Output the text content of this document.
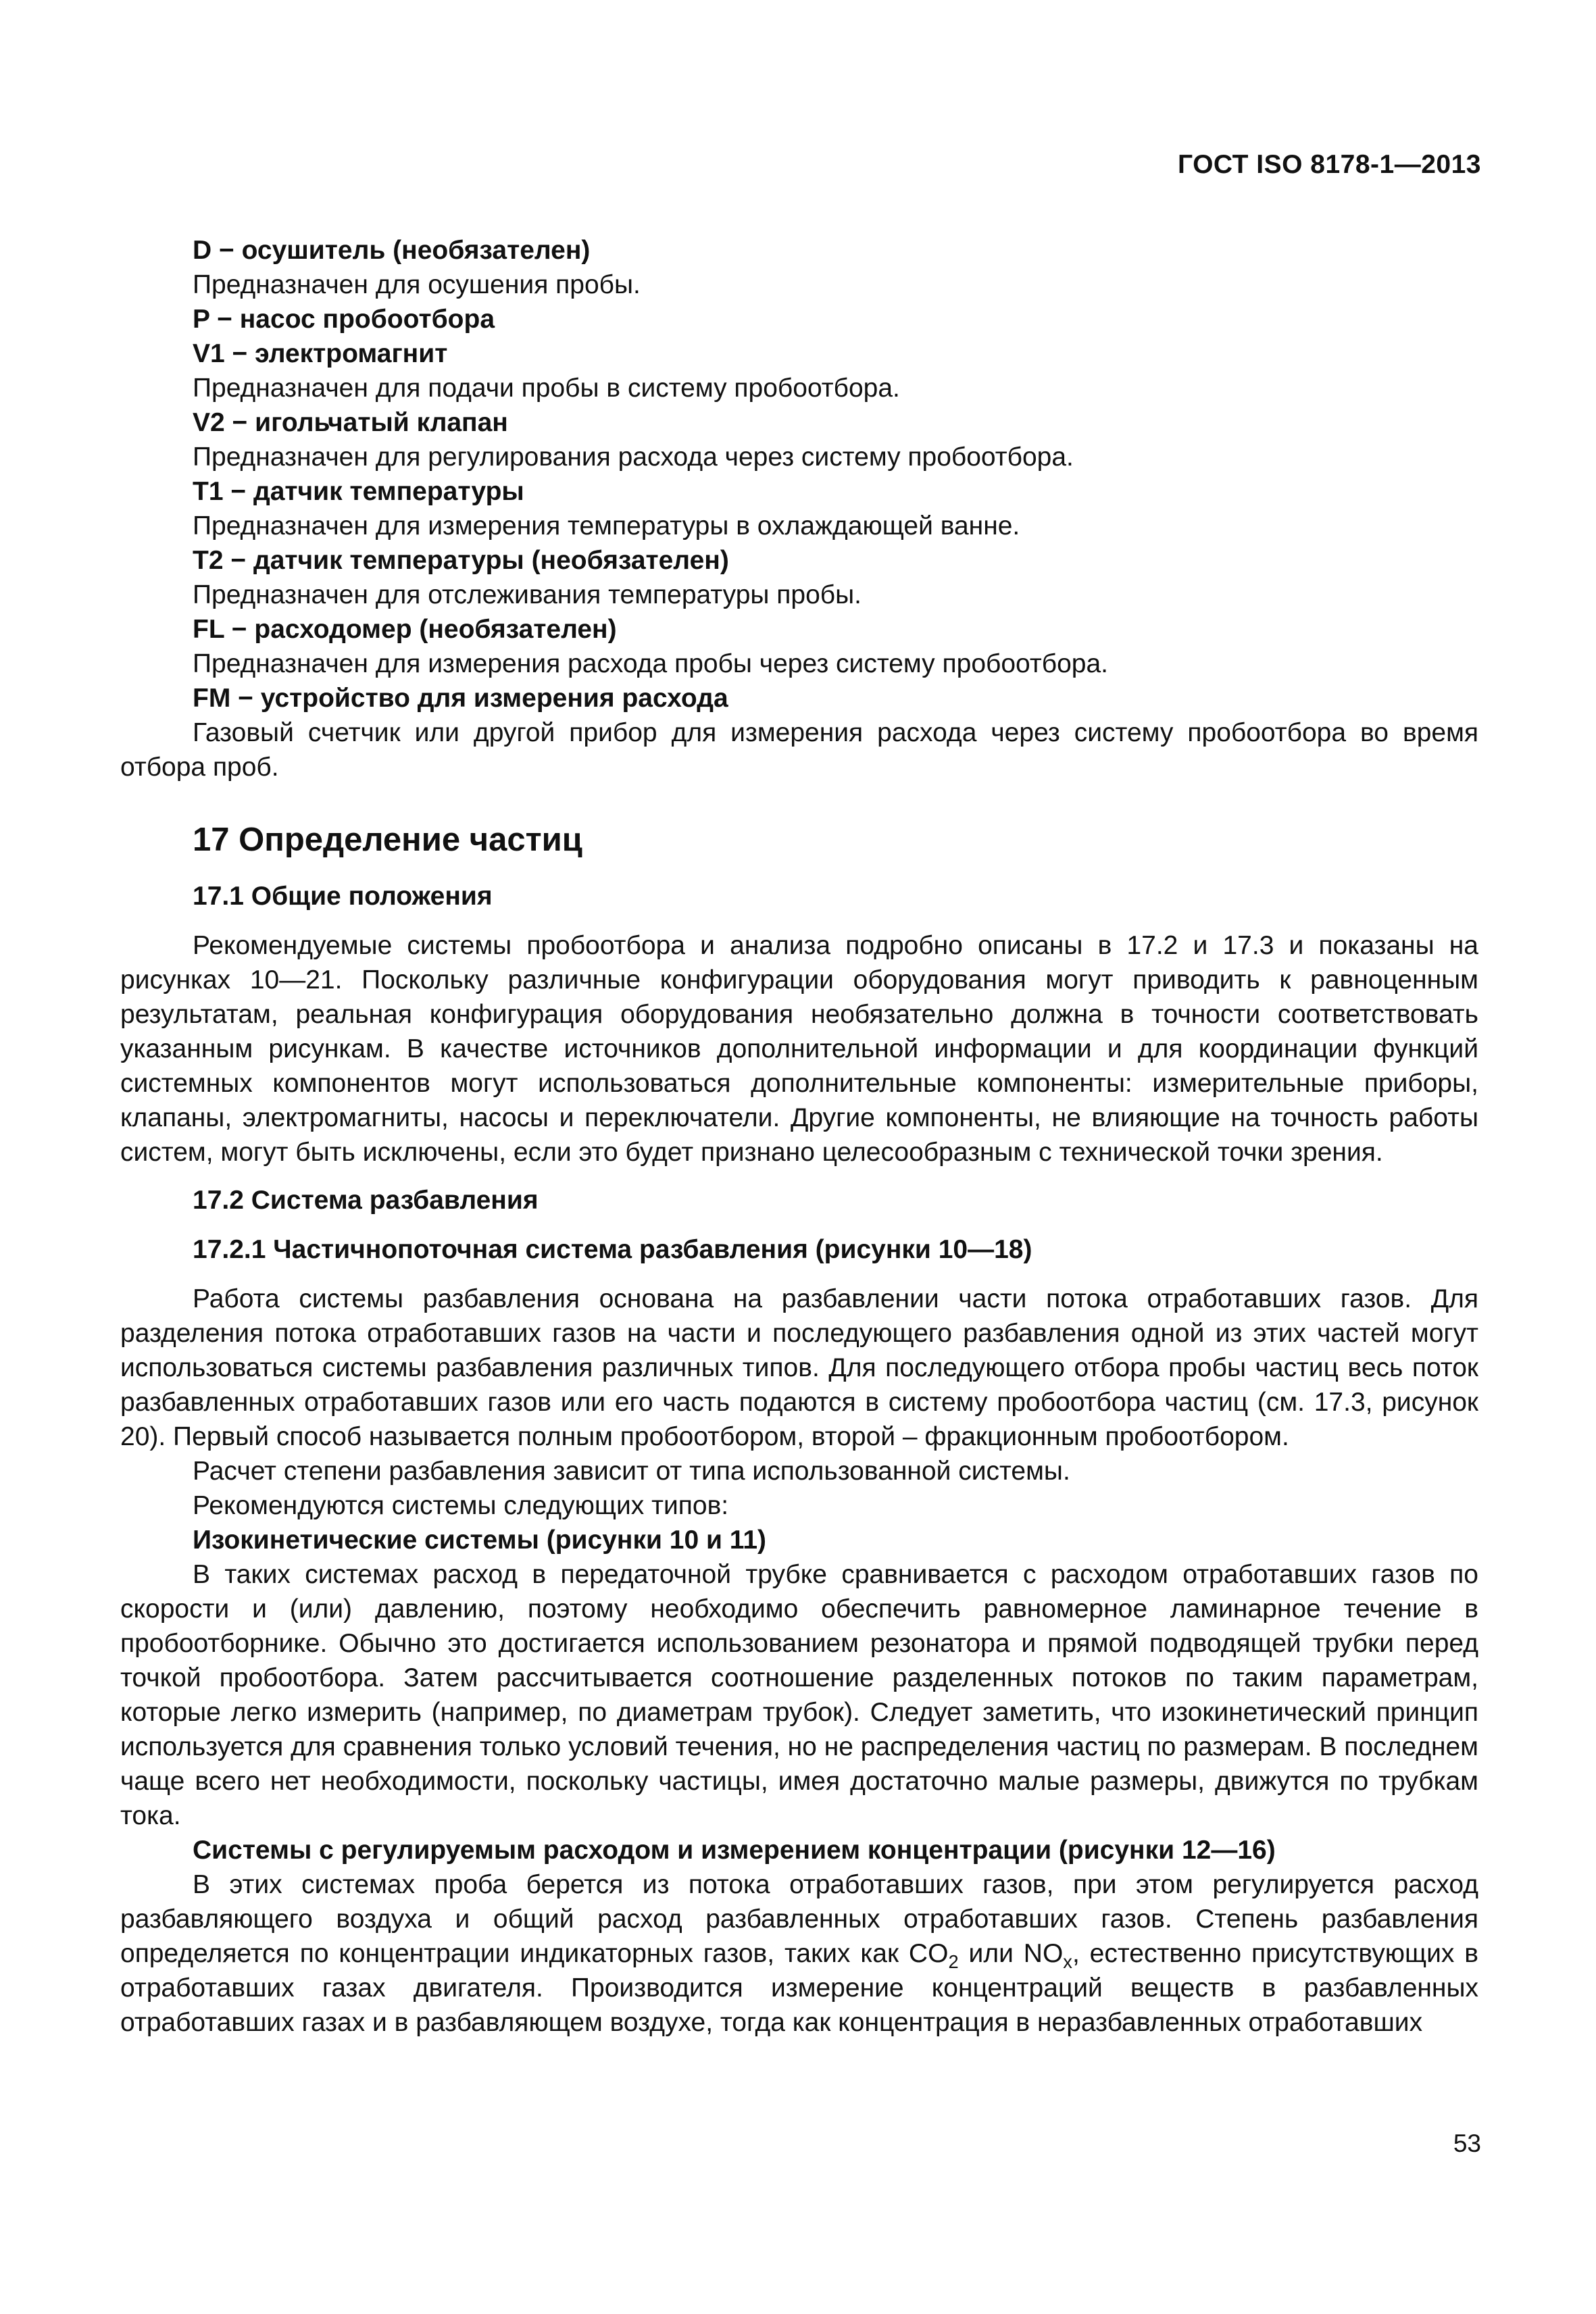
ГОСТ ISO 8178-1—2013
D − осушитель (необязателен)
Предназначен для осушения пробы.
P − насос пробоотбора
V1 − электромагнит
Предназначен для подачи пробы в систему пробоотбора.
V2 − игольчатый клапан
Предназначен для регулирования расхода через систему пробоотбора.
T1 − датчик температуры
Предназначен для измерения температуры в охлаждающей ванне.
T2 − датчик температуры (необязателен)
Предназначен для отслеживания температуры пробы.
FL − расходомер (необязателен)
Предназначен для измерения расхода пробы через систему пробоотбора.
FM − устройство для измерения расхода
Газовый счетчик или другой прибор для измерения расхода через систему пробоотбора во время отбора проб.
17 Определение частиц
17.1 Общие положения
Рекомендуемые системы пробоотбора и анализа подробно описаны в 17.2 и 17.3 и показаны на рисунках 10—21. Поскольку различные конфигурации оборудования могут приводить к равноценным результатам, реальная конфигурация оборудования необязательно должна в точности соответствовать указанным рисункам. В качестве источников дополнительной информации и для координации функций системных компонентов могут использоваться дополнительные компоненты: измерительные приборы, клапаны, электромагниты, насосы и переключатели. Другие компоненты, не влияющие на точность работы систем, могут быть исключены, если это будет признано целесообразным с технической точки зрения.
17.2 Система разбавления
17.2.1 Частичнопоточная система разбавления (рисунки 10—18)
Работа системы разбавления основана на разбавлении части потока отработавших газов. Для разделения потока отработавших газов на части и последующего разбавления одной из этих частей могут использоваться системы разбавления различных типов. Для последующего отбора пробы частиц весь поток разбавленных отработавших газов или его часть подаются в систему пробоотбора частиц (см. 17.3, рисунок 20). Первый способ называется полным пробоотбором, второй – фракционным пробоотбором.
Расчет степени разбавления зависит от типа использованной системы.
Рекомендуются системы следующих типов:
Изокинетические системы (рисунки 10 и 11)
В таких системах расход в передаточной трубке сравнивается с расходом отработавших газов по скорости и (или) давлению, поэтому необходимо обеспечить равномерное ламинарное течение в пробоотборнике. Обычно это достигается использованием резонатора и прямой подводящей трубки перед точкой пробоотбора. Затем рассчитывается соотношение разделенных потоков по таким параметрам, которые легко измерить (например, по диаметрам трубок). Следует заметить, что изокинетический принцип используется для сравнения только условий течения, но не распределения частиц по размерам. В последнем чаще всего нет необходимости, поскольку частицы, имея достаточно малые размеры, движутся по трубкам тока.
Системы с регулируемым расходом и измерением концентрации (рисунки 12—16)
В этих системах проба берется из потока отработавших газов, при этом регулируется расход разбавляющего воздуха и общий расход разбавленных отработавших газов. Степень разбавления определяется по концентрации индикаторных газов, таких как $CO_2$ или $NO_x$, естественно присутствующих в отработавших газах двигателя. Производится измерение концентраций веществ в разбавленных отработавших газах и в разбавляющем воздухе, тогда как концентрация в неразбавленных отработавших
53
